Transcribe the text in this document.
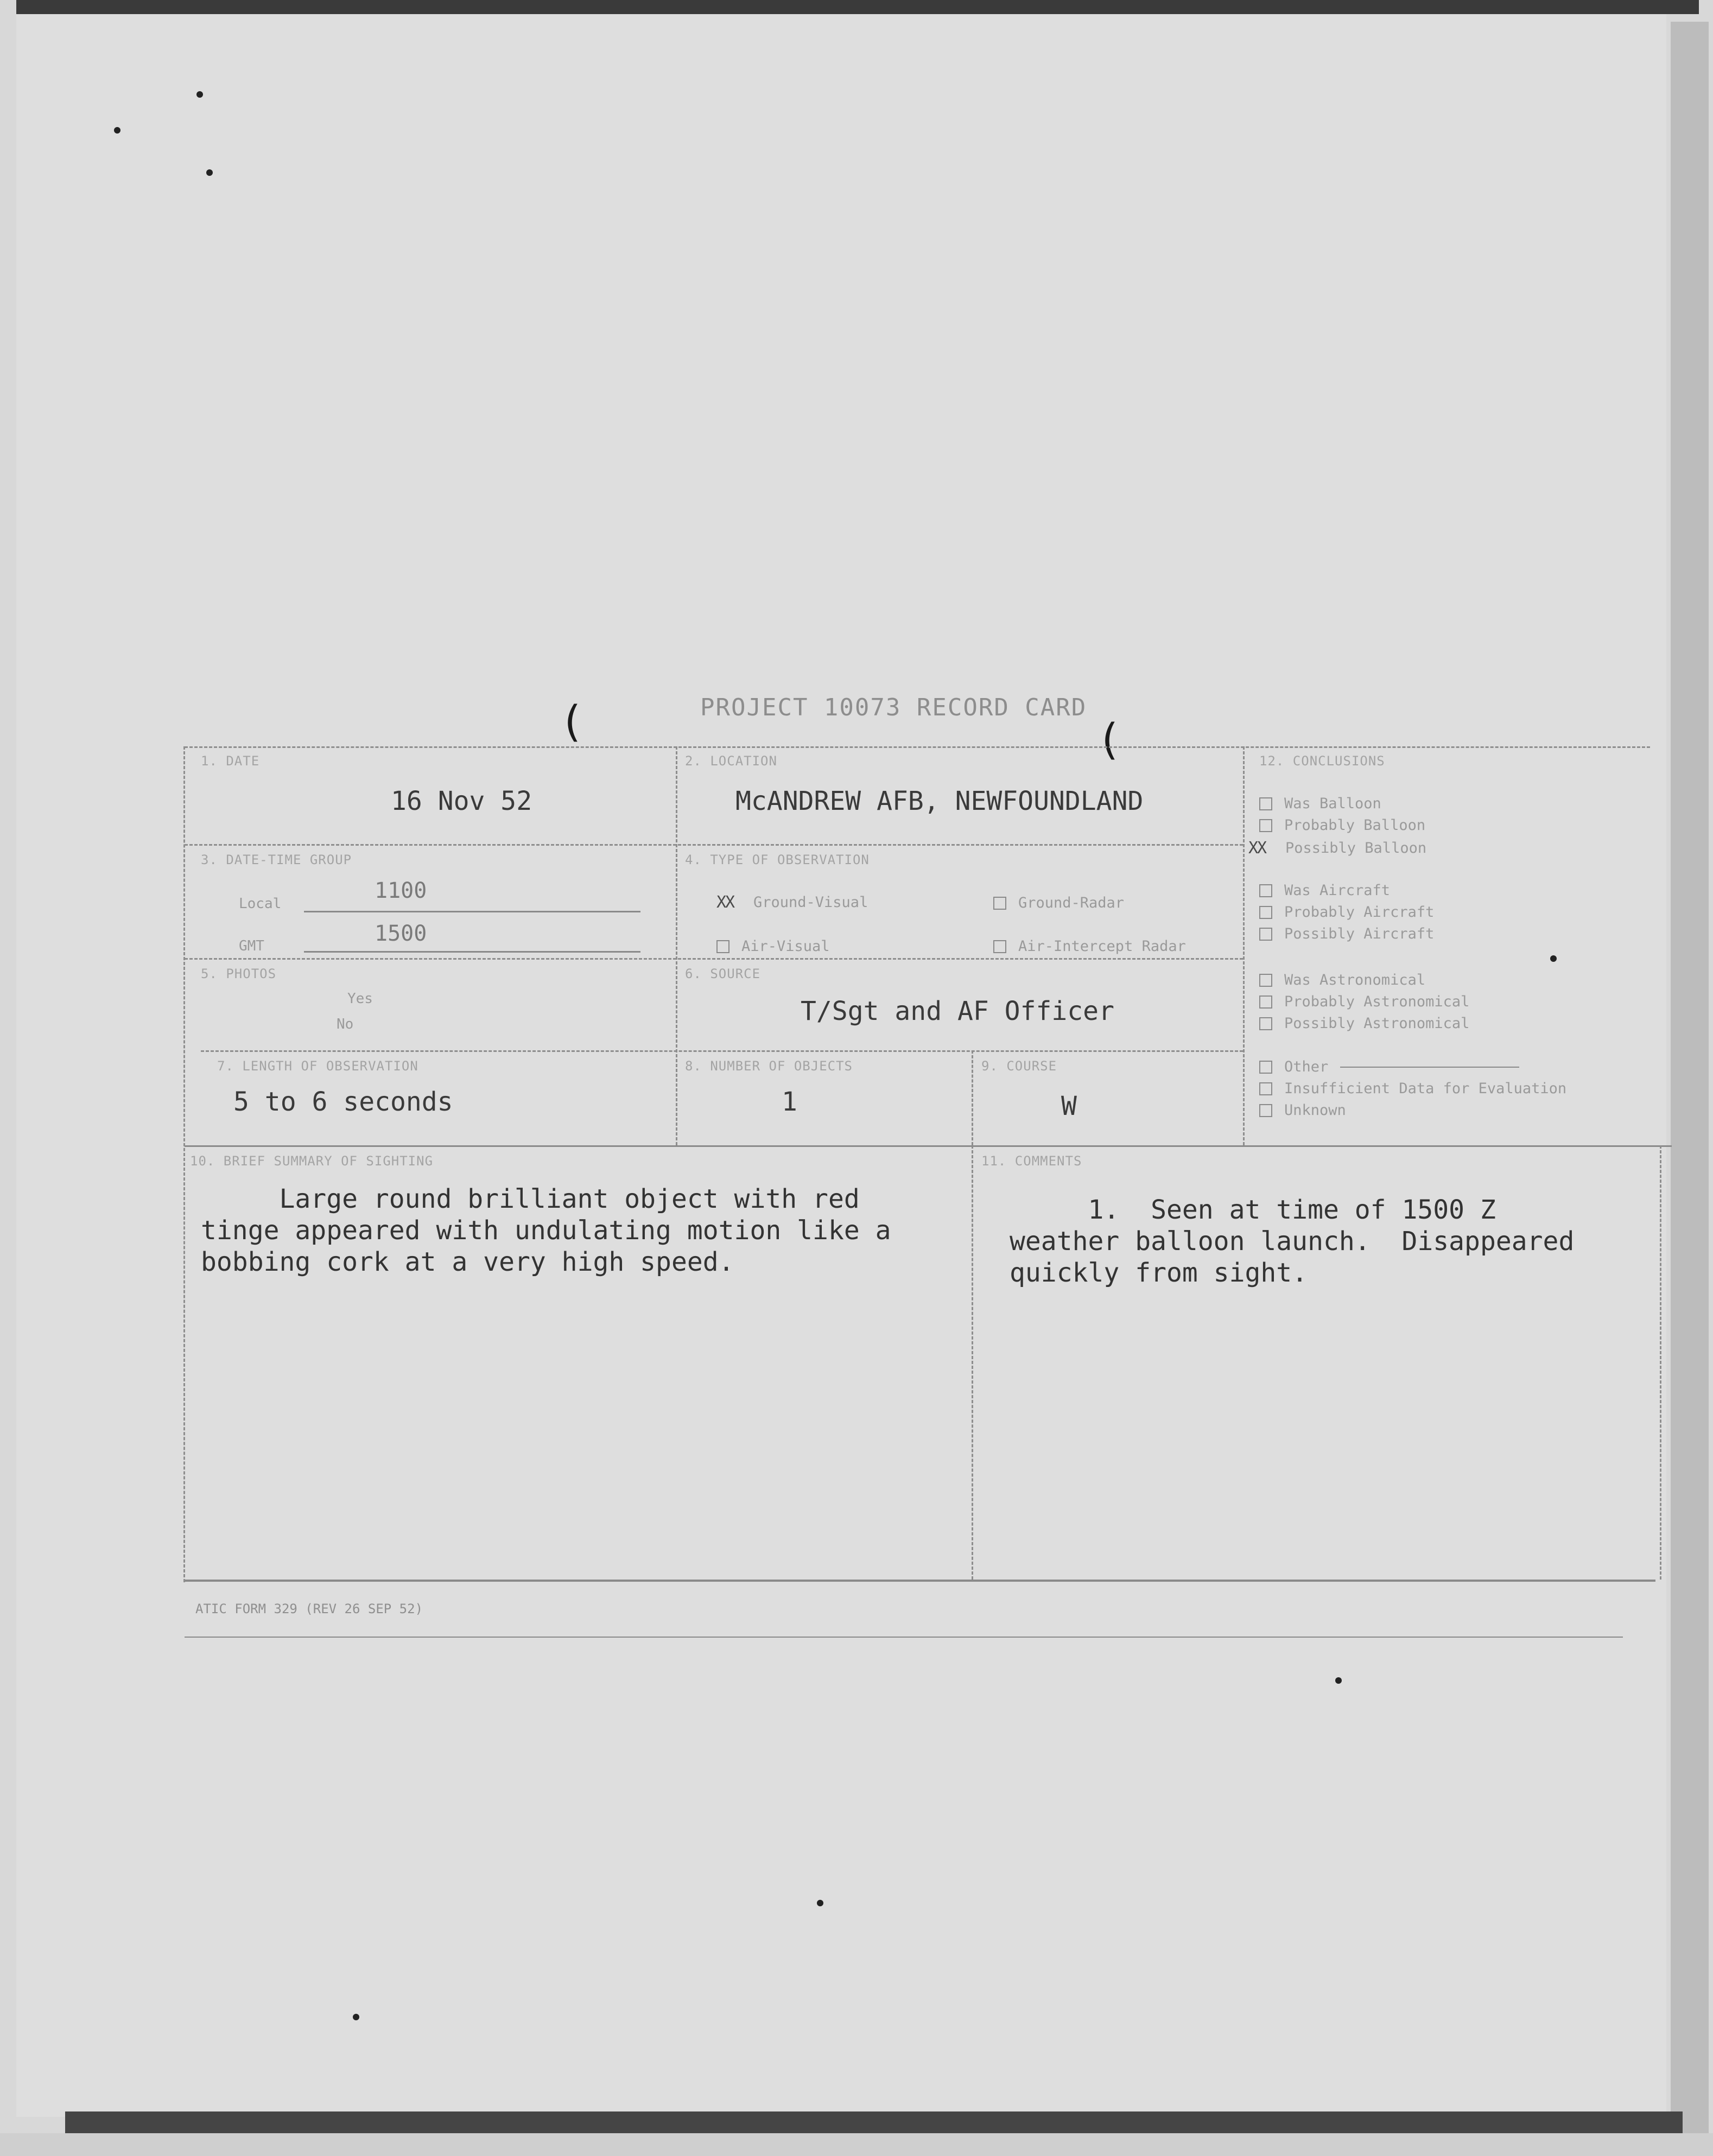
PROJECT 10073 RECORD CARD
(	(
1. DATE
16 Nov 52
2. LOCATION
McANDREW AFB, NEWFOUNDLAND
3. DATE-TIME GROUP
Local
1100
GMT	1500
4. TYPE OF OBSERVATION
XX	Ground-Visual	Ground-Radar
Air-Visual	Air-Intercept Radar
5. PHOTOS
Yes
No
6. SOURCE
T/Sgt and AF Officer
7. LENGTH OF OBSERVATION
5 to 6 seconds
8. NUMBER OF OBJECTS
1
9. COURSE
W
12. CONCLUSIONS
Was Balloon
Probably Balloon
XX	Possibly Balloon
Was Aircraft
Probably Aircraft
Possibly Aircraft
Was Astronomical
Probably Astronomical
Possibly Astronomical
Other
Insufficient Data for Evaluation
Unknown
10. BRIEF SUMMARY OF SIGHTING
Large round brilliant object with red
tinge appeared with undulating motion like a
bobbing cork at a very high speed.
11. COMMENTS
1.  Seen at time of 1500 Z
weather balloon launch.  Disappeared
quickly from sight.
ATIC FORM 329 (REV 26 SEP 52)
